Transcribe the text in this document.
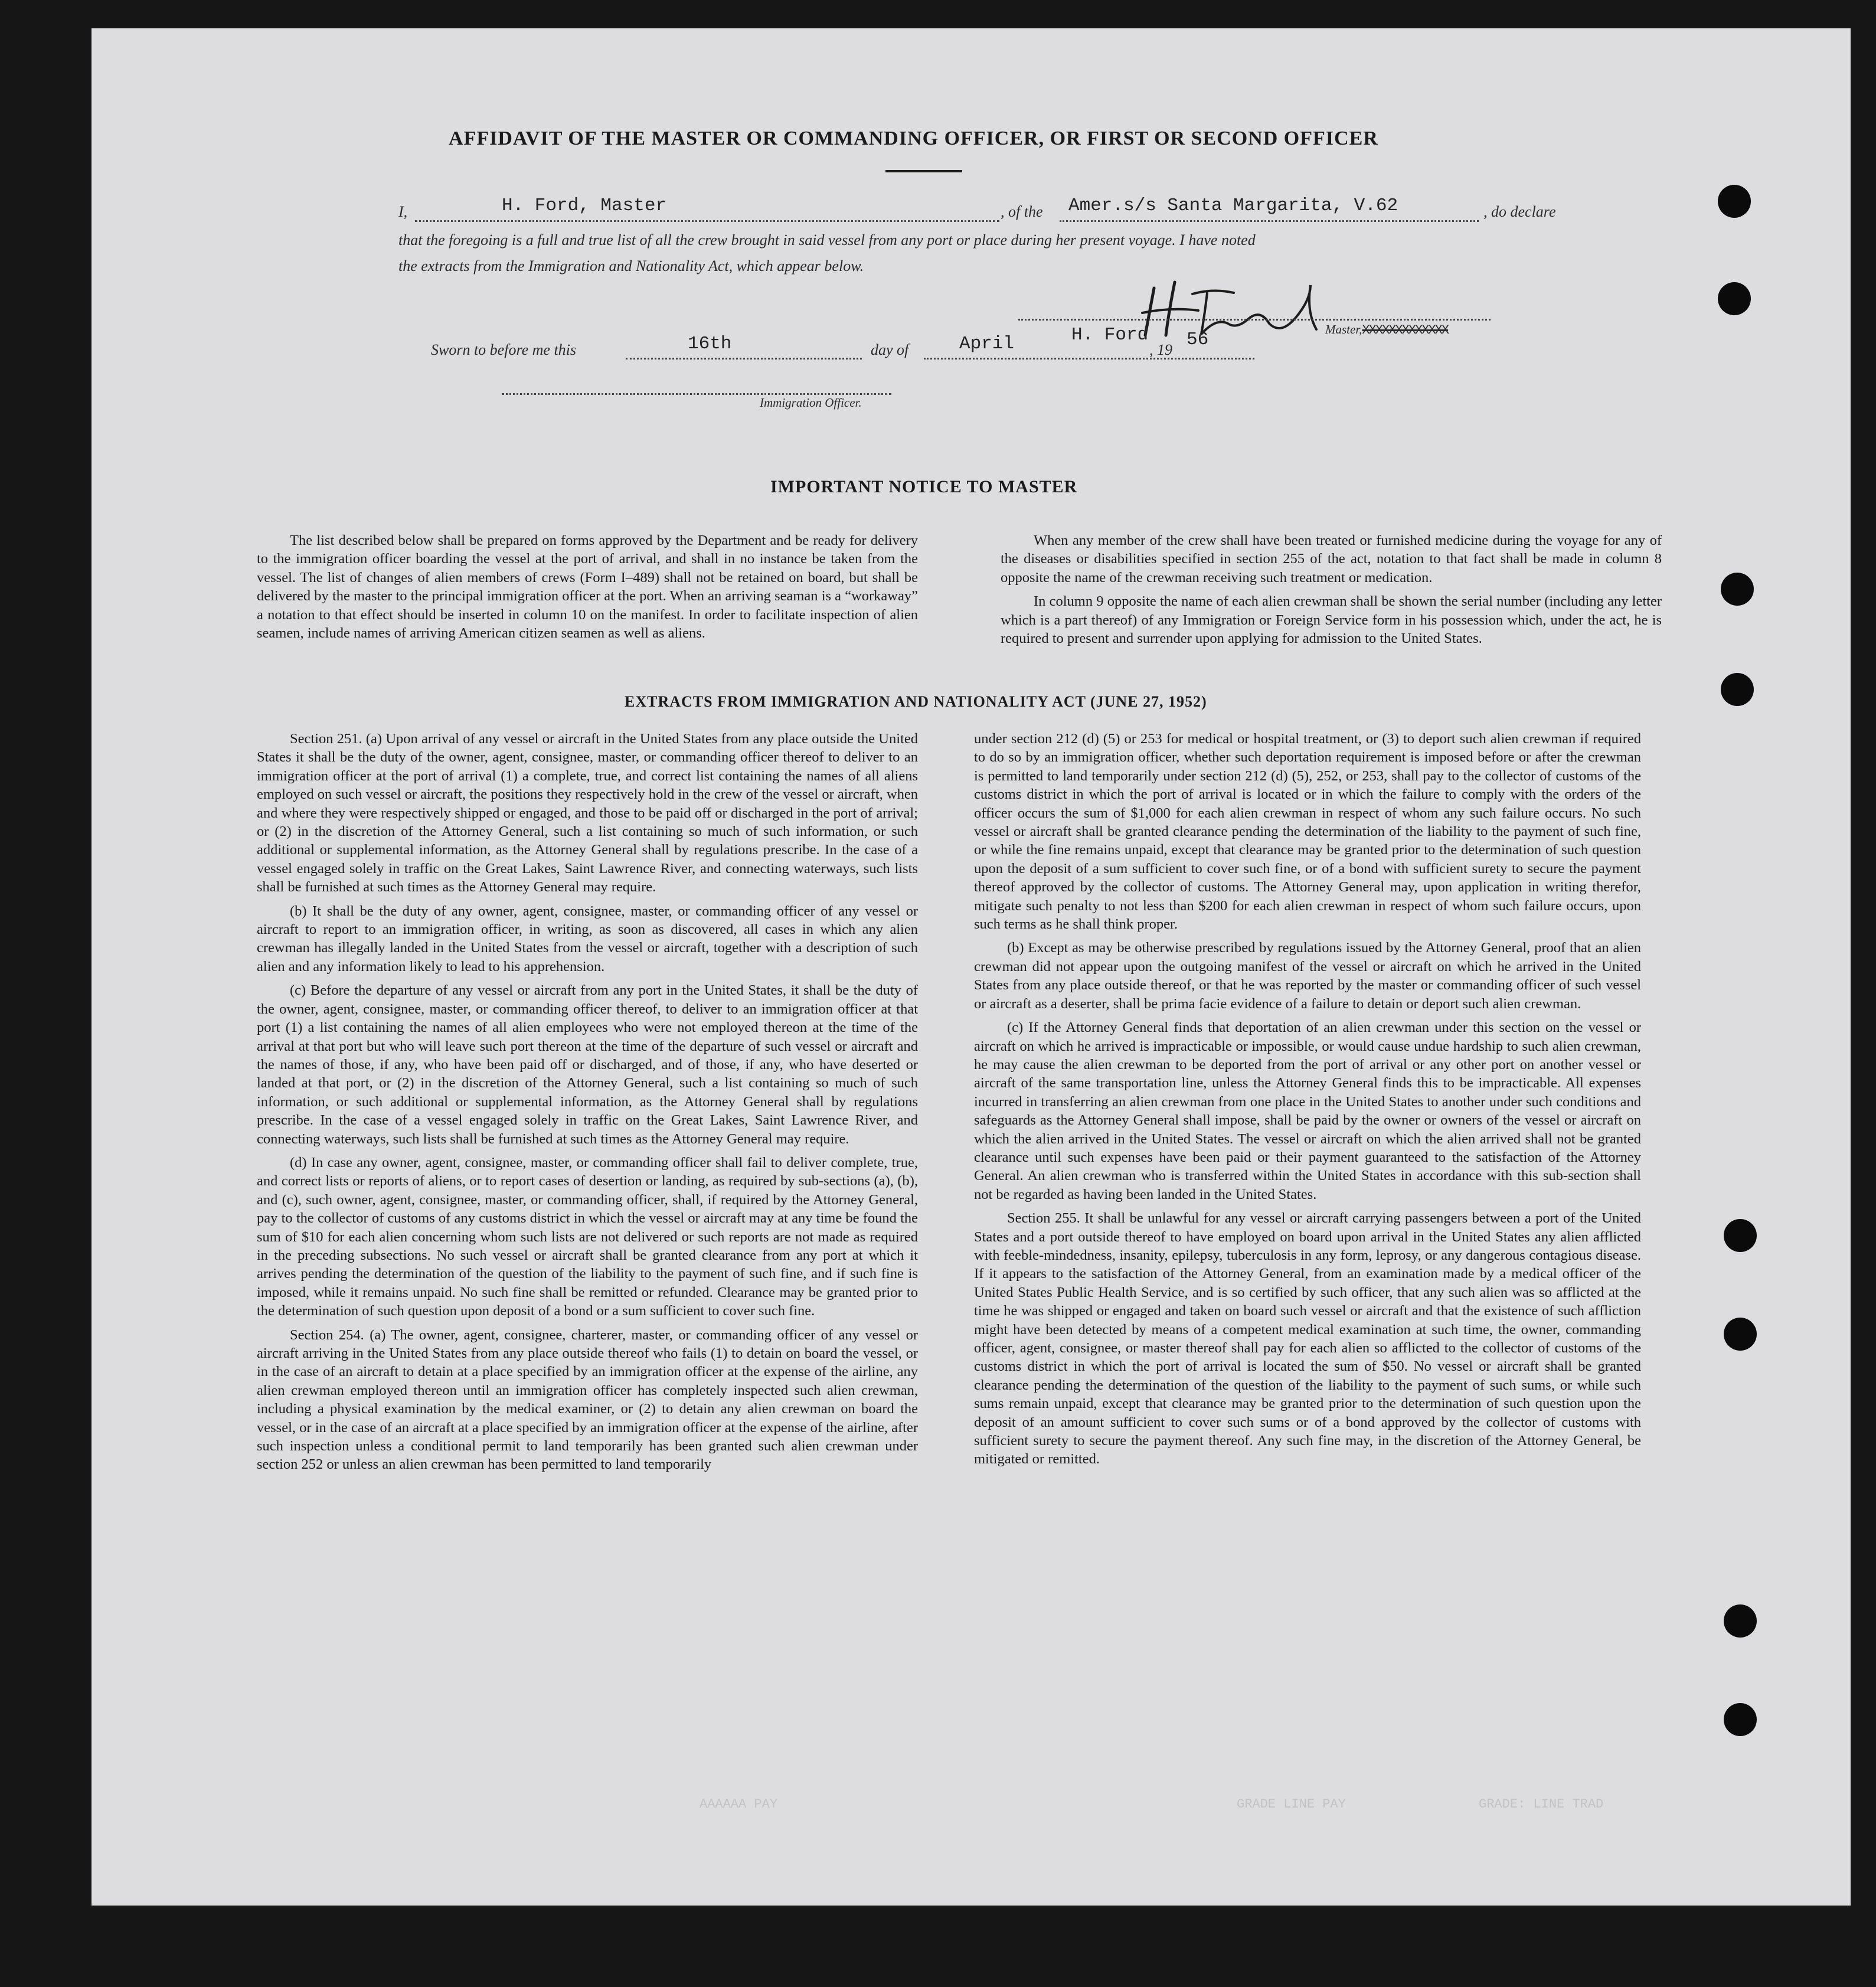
AFFIDAVIT OF THE MASTER OR COMMANDING OFFICER, OR FIRST OR SECOND OFFICER
I,	H. Ford, Master	, of the Amer.s/s Santa Margarita, V.62	, do declare
that the foregoing is a full and true list of all the crew brought in said vessel from any port or place during her present voyage. I have noted
the extracts from the Immigration and Nationality Act, which appear below.
Master,XXXXXXXXXXXXX
Sworn to before me this	16th	day of	April	H. Ford
, 19 56
Immigration Officer.
IMPORTANT NOTICE TO MASTER

The list described below shall be prepared on forms approved by the Department and be ready for delivery to the immigration officer boarding the vessel at the port of arrival, and shall in no instance be taken from the vessel. The list of changes of alien members of crews (Form I–489) shall not be retained on board, but shall be delivered by the master to the principal immigration officer at the port. When an arriving seaman is a “workaway” a notation to that effect should be inserted in column 10 on the manifest. In order to facilitate inspection of alien seamen, include names of arriving American citizen seamen as well as aliens.

When any member of the crew shall have been treated or furnished medicine during the voyage for any of the diseases or disabilities specified in section 255 of the act, notation to that fact shall be made in column 8 opposite the name of the crewman receiving such treatment or medication.

In column 9 opposite the name of each alien crewman shall be shown the serial number (including any letter which is a part thereof) of any Immigration or Foreign Service form in his possession which, under the act, he is required to present and surrender upon applying for admission to the United States.

EXTRACTS FROM IMMIGRATION AND NATIONALITY ACT (JUNE 27, 1952)

Section 251. (a) Upon arrival of any vessel or aircraft in the United States from any place outside the United States it shall be the duty of the owner, agent, consignee, master, or commanding officer thereof to deliver to an immigration officer at the port of arrival (1) a complete, true, and correct list containing the names of all aliens employed on such vessel or aircraft, the positions they respectively hold in the crew of the vessel or aircraft, when and where they were respectively shipped or engaged, and those to be paid off or discharged in the port of arrival; or (2) in the discretion of the Attorney General, such a list containing so much of such information, or such additional or supplemental information, as the Attorney General shall by regulations prescribe. In the case of a vessel engaged solely in traffic on the Great Lakes, Saint Lawrence River, and connecting waterways, such lists shall be furnished at such times as the Attorney General may require.

(b) It shall be the duty of any owner, agent, consignee, master, or commanding officer of any vessel or aircraft to report to an immigration officer, in writing, as soon as discovered, all cases in which any alien crewman has illegally landed in the United States from the vessel or aircraft, together with a description of such alien and any information likely to lead to his apprehension.

(c) Before the departure of any vessel or aircraft from any port in the United States, it shall be the duty of the owner, agent, consignee, master, or commanding officer thereof, to deliver to an immigration officer at that port (1) a list containing the names of all alien employees who were not employed thereon at the time of the arrival at that port but who will leave such port thereon at the time of the departure of such vessel or aircraft and the names of those, if any, who have been paid off or discharged, and of those, if any, who have deserted or landed at that port, or (2) in the discretion of the Attorney General, such a list containing so much of such information, or such additional or supplemental information, as the Attorney General shall by regulations prescribe. In the case of a vessel engaged solely in traffic on the Great Lakes, Saint Lawrence River, and connecting waterways, such lists shall be furnished at such times as the Attorney General may require.

(d) In case any owner, agent, consignee, master, or commanding officer shall fail to deliver complete, true, and correct lists or reports of aliens, or to report cases of desertion or landing, as required by sub-sections (a), (b), and (c), such owner, agent, consignee, master, or commanding officer, shall, if required by the Attorney General, pay to the collector of customs of any customs district in which the vessel or aircraft may at any time be found the sum of $10 for each alien concerning whom such lists are not delivered or such reports are not made as required in the preceding subsections. No such vessel or aircraft shall be granted clearance from any port at which it arrives pending the determination of the question of the liability to the payment of such fine, and if such fine is imposed, while it remains unpaid. No such fine shall be remitted or refunded. Clearance may be granted prior to the determination of such question upon deposit of a bond or a sum sufficient to cover such fine.

Section 254. (a) The owner, agent, consignee, charterer, master, or commanding officer of any vessel or aircraft arriving in the United States from any place outside thereof who fails (1) to detain on board the vessel, or in the case of an aircraft to detain at a place specified by an immigration officer at the expense of the airline, any alien crewman employed thereon until an immigration officer has completely inspected such alien crewman, including a physical examination by the medical examiner, or (2) to detain any alien crewman on board the vessel, or in the case of an aircraft at a place specified by an immigration officer at the expense of the airline, after such inspection unless a conditional permit to land temporarily has been granted such alien crewman under section 252 or unless an alien crewman has been permitted to land temporarily

under section 212 (d) (5) or 253 for medical or hospital treatment, or (3) to deport such alien crewman if required to do so by an immigration officer, whether such deportation requirement is imposed before or after the crewman is permitted to land temporarily under section 212 (d) (5), 252, or 253, shall pay to the collector of customs of the customs district in which the port of arrival is located or in which the failure to comply with the orders of the officer occurs the sum of $1,000 for each alien crewman in respect of whom any such failure occurs. No such vessel or aircraft shall be granted clearance pending the determination of the liability to the payment of such fine, or while the fine remains unpaid, except that clearance may be granted prior to the determination of such question upon the deposit of a sum sufficient to cover such fine, or of a bond with sufficient surety to secure the payment thereof approved by the collector of customs. The Attorney General may, upon application in writing therefor, mitigate such penalty to not less than $200 for each alien crewman in respect of whom such failure occurs, upon such terms as he shall think proper.

(b) Except as may be otherwise prescribed by regulations issued by the Attorney General, proof that an alien crewman did not appear upon the outgoing manifest of the vessel or aircraft on which he arrived in the United States from any place outside thereof, or that he was reported by the master or commanding officer of such vessel or aircraft as a deserter, shall be prima facie evidence of a failure to detain or deport such alien crewman.

(c) If the Attorney General finds that deportation of an alien crewman under this section on the vessel or aircraft on which he arrived is impracticable or impossible, or would cause undue hardship to such alien crewman, he may cause the alien crewman to be deported from the port of arrival or any other port on another vessel or aircraft of the same transportation line, unless the Attorney General finds this to be impracticable. All expenses incurred in transferring an alien crewman from one place in the United States to another under such conditions and safeguards as the Attorney General shall impose, shall be paid by the owner or owners of the vessel or aircraft on which the alien arrived in the United States. The vessel or aircraft on which the alien arrived shall not be granted clearance until such expenses have been paid or their payment guaranteed to the satisfaction of the Attorney General. An alien crewman who is transferred within the United States in accordance with this sub-section shall not be regarded as having been landed in the United States.

Section 255. It shall be unlawful for any vessel or aircraft carrying passengers between a port of the United States and a port outside thereof to have employed on board upon arrival in the United States any alien afflicted with feeble-mindedness, insanity, epilepsy, tuberculosis in any form, leprosy, or any dangerous contagious disease. If it appears to the satisfaction of the Attorney General, from an examination made by a medical officer of the United States Public Health Service, and is so certified by such officer, that any such alien was so afflicted at the time he was shipped or engaged and taken on board such vessel or aircraft and that the existence of such affliction might have been detected by means of a competent medical examination at such time, the owner, commanding officer, agent, consignee, or master thereof shall pay for each alien so afflicted to the collector of customs of the customs district in which the port of arrival is located the sum of $50. No vessel or aircraft shall be granted clearance pending the determination of the question of the liability to the payment of such sums, or while such sums remain unpaid, except that clearance may be granted prior to the determination of such question upon the deposit of an amount sufficient to cover such sums or of a bond approved by the collector of customs with sufficient surety to secure the payment thereof. Any such fine may, in the discretion of the Attorney General, be mitigated or remitted.

GRADE: LINE TRAD
GRADE LINE PAY
AAAAAA PAY
